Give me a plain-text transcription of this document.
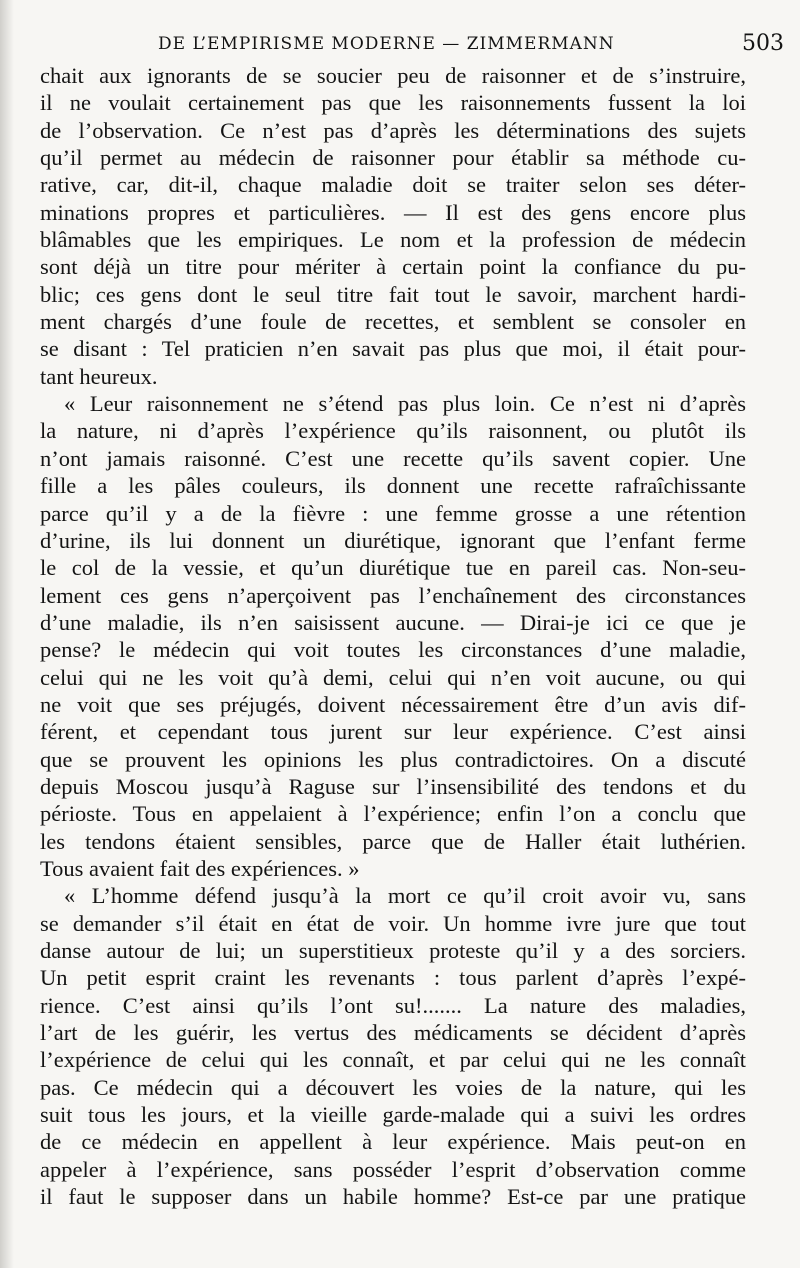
DE L’EMPIRISME MODERNE — ZIMMERMANN	503
chait aux ignorants de se soucier peu de raisonner et de s’instruire,
il ne voulait certainement pas que les raisonnements fussent la loi
de l’observation. Ce n’est pas d’après les déterminations des sujets
qu’il permet au médecin de raisonner pour établir sa méthode cu-
rative, car, dit-il, chaque maladie doit se traiter selon ses déter-
minations propres et particulières. — Il est des gens encore plus
blâmables que les empiriques. Le nom et la profession de médecin
sont déjà un titre pour mériter à certain point la confiance du pu-
blic; ces gens dont le seul titre fait tout le savoir, marchent hardi-
ment chargés d’une foule de recettes, et semblent se consoler en
se disant : Tel praticien n’en savait pas plus que moi, il était pour-
tant heureux.
« Leur raisonnement ne s’étend pas plus loin. Ce n’est ni d’après
la nature, ni d’après l’expérience qu’ils raisonnent, ou plutôt ils
n’ont jamais raisonné. C’est une recette qu’ils savent copier. Une
fille a les pâles couleurs, ils donnent une recette rafraîchissante
parce qu’il y a de la fièvre : une femme grosse a une rétention
d’urine, ils lui donnent un diurétique, ignorant que l’enfant ferme
le col de la vessie, et qu’un diurétique tue en pareil cas. Non-seu-
lement ces gens n’aperçoivent pas l’enchaînement des circonstances
d’une maladie, ils n’en saisissent aucune. — Dirai-je ici ce que je
pense? le médecin qui voit toutes les circonstances d’une maladie,
celui qui ne les voit qu’à demi, celui qui n’en voit aucune, ou qui
ne voit que ses préjugés, doivent nécessairement être d’un avis dif-
férent, et cependant tous jurent sur leur expérience. C’est ainsi
que se prouvent les opinions les plus contradictoires. On a discuté
depuis Moscou jusqu’à Raguse sur l’insensibilité des tendons et du
périoste. Tous en appelaient à l’expérience; enfin l’on a conclu que
les tendons étaient sensibles, parce que de Haller était luthérien.
Tous avaient fait des expériences. »
« L’homme défend jusqu’à la mort ce qu’il croit avoir vu, sans
se demander s’il était en état de voir. Un homme ivre jure que tout
danse autour de lui; un superstitieux proteste qu’il y a des sorciers.
Un petit esprit craint les revenants : tous parlent d’après l’expé-
rience. C’est ainsi qu’ils l’ont su!....... La nature des maladies,
l’art de les guérir, les vertus des médicaments se décident d’après
l’expérience de celui qui les connaît, et par celui qui ne les connaît
pas. Ce médecin qui a découvert les voies de la nature, qui les
suit tous les jours, et la vieille garde-malade qui a suivi les ordres
de ce médecin en appellent à leur expérience. Mais peut-on en
appeler à l’expérience, sans posséder l’esprit d’observation comme
il faut le supposer dans un habile homme? Est-ce par une pratique
